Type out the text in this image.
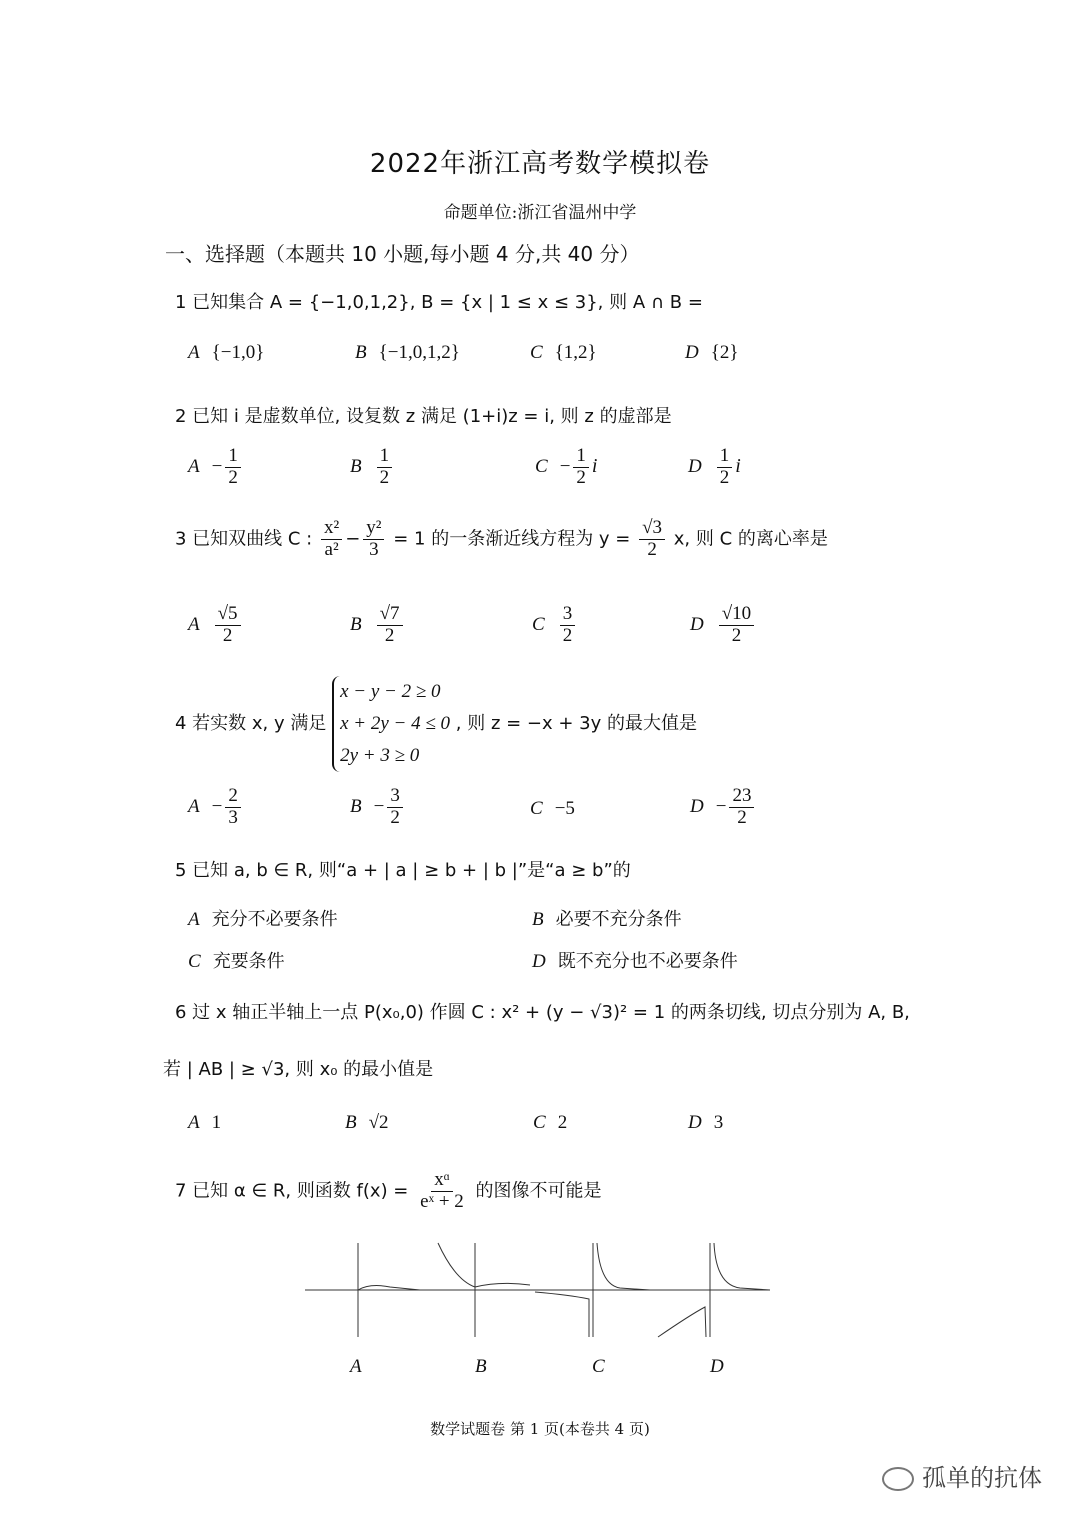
2022年浙江高考数学模拟卷
命题单位:浙江省温州中学
一、选择题（本题共 10 小题,每小题 4 分,共 40 分）
1 已知集合 A = {−1,0,1,2}, B = {x | 1 ≤ x ≤ 3}, 则 A ∩ B =
A {−1,0}	B {−1,0,1,2}	C {1,2}	D {2}
2 已知 i 是虚数单位, 设复数 z 满足 (1+i)z = i, 则 z 的虚部是
$A - \frac{1}{2}$	B $\frac{1}{2}$	$C - \frac{1}{2}$ i	D $\frac{1}{2}$ i
3 已知双曲线 C : $\frac{\text{x²}}{\text{a²}} - \frac{\text{y²}}{3} = 1$ 的一条渐近线方程为 $y = \frac{√3}{2} x$, 则 C 的离心率是
A $\frac{√5}{2}$	B $\frac{√7}{2}$	C $\frac{3}{2}$	D $\frac{√10}{2}$
4 若实数 x, y 满足
x − y − 2 ≥ 0
x + 2y − 4 ≤ 0
2y + 3 ≥ 0
, 则 z = −x + 3y 的最大值是
$A - \frac{2}{3}$	$B - \frac{3}{2}$	C −5	$D - \frac{23}{2}$
5 已知 a, b ∈ R, 则“a + | a | ≥ b + | b |”是“a ≥ b”的
A 充分不必要条件	B 必要不充分条件
C 充要条件	D 既不充分也不必要条件
6 过 x 轴正半轴上一点 P(x₀,0) 作圆 C : x² + (y − √3)² = 1 的两条切线, 切点分别为 A, B,
若 | AB | ≥ √3, 则 x₀ 的最小值是
A 1	B √2	C 2	D 3
7 已知 α ∈ R, 则函数 $f(x) = \frac{\text{xᵅ}}{\text{eˣ + 2}}$ 的图像不可能是
A	B	C	D
数学试题卷 第 1 页(本卷共 4 页)
孤单的抗体
